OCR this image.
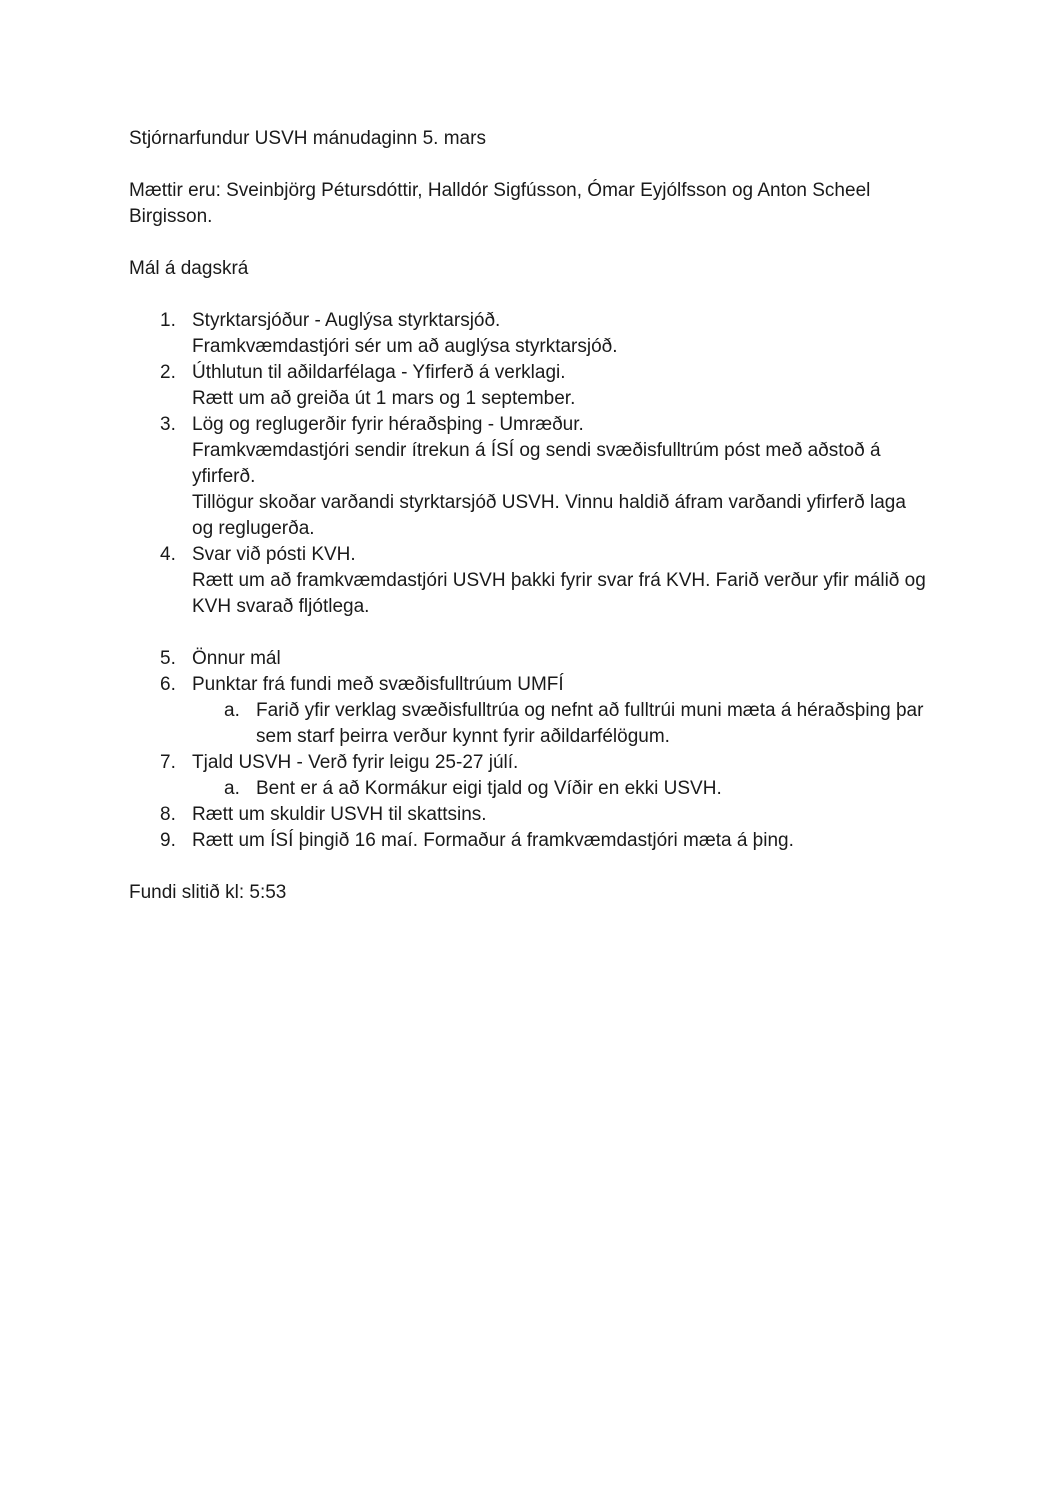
Stjórnarfundur USVH mánudaginn 5. mars

Mættir eru: Sveinbjörg Pétursdóttir, Halldór Sigfússon, Ómar Eyjólfsson og Anton Scheel Birgisson.

Mál á dagskrá

1. Styrktarsjóður - Auglýsa styrktarsjóð.
Framkvæmdastjóri sér um að auglýsa styrktarsjóð.
2. Úthlutun til aðildarfélaga - Yfirferð á verklagi.
Rætt um að greiða út 1 mars og 1 september.
3. Lög og reglugerðir fyrir héraðsþing - Umræður.
Framkvæmdastjóri sendir ítrekun á ÍSÍ og sendi svæðisfulltrúm póst með aðstoð á yfirferð.
Tillögur skoðar varðandi styrktarsjóð USVH. Vinnu haldið áfram varðandi yfirferð laga og reglugerða.
4. Svar við pósti KVH.
Rætt um að framkvæmdastjóri USVH þakki fyrir svar frá KVH. Farið verður yfir málið og KVH svarað fljótlega.
5. Önnur mál
6. Punktar frá fundi með svæðisfulltrúum UMFÍ
a. Farið yfir verklag svæðisfulltrúa og nefnt að fulltrúi muni mæta á héraðsþing þar sem starf þeirra verður kynnt fyrir aðildarfélögum.
7. Tjald USVH - Verð fyrir leigu 25-27 júlí.
a. Bent er á að Kormákur eigi tjald og Víðir en ekki USVH.
8. Rætt um skuldir USVH til skattsins.
9. Rætt um ÍSÍ þingið 16 maí. Formaður á framkvæmdastjóri mæta á þing.

Fundi slitið kl: 5:53
